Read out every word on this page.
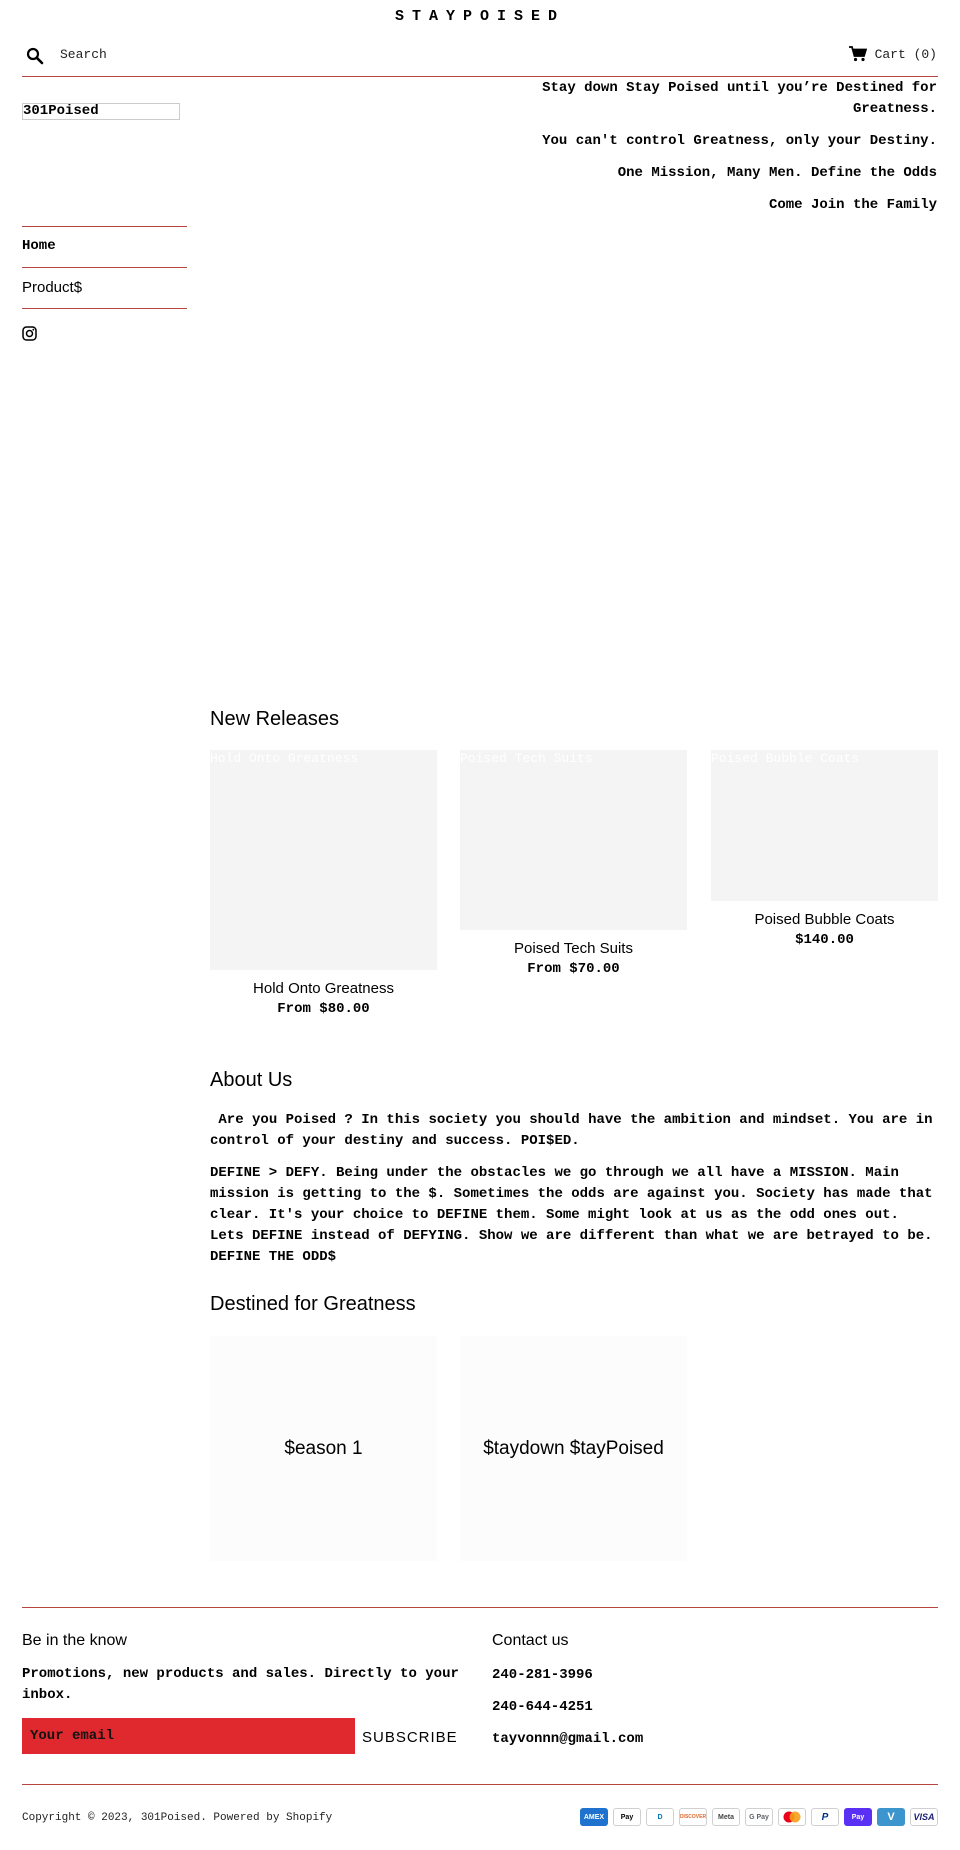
STAYPOISED
Search
Cart (0)
301Poised

Stay down Stay Poised until you’re Destined for Greatness.

You can't control Greatness, only your Destiny.

One Mission, Many Men. Define the Odds

Come Join the Family

Home
Product$
New Releases
Hold Onto Greatness
Hold Onto Greatness
From $80.00
Poised Tech Suits
Poised Tech Suits
From $70.00
Poised Bubble Coats
Poised Bubble Coats
$140.00
About Us

Are you Poised ? In this society you should have the ambition and mindset. You are in control of your destiny and success. POI$ED.

DEFINE > DEFY. Being under the obstacles we go through we all have a MISSION. Main mission is getting to the $. Sometimes the odds are against you. Society has made that clear. It's your choice to DEFINE them. Some might look at us as the odd ones out. Lets DEFINE instead of DEFYING. Show we are different than what we are betrayed to be. DEFINE THE ODD$

Destined for Greatness
$eason 1	$taydown $tayPoised
Be in the know
Promotions, new products and sales. Directly to your inbox.
Your email
SUBSCRIBE
Contact us
240-281-3996
240-644-4251
tayvonnn@gmail.com
Copyright © 2023, 301Poised. Powered by Shopify	AMEX	Pay	D	DISCOVER	Meta	G Pay	P	Pay	V	VISA
